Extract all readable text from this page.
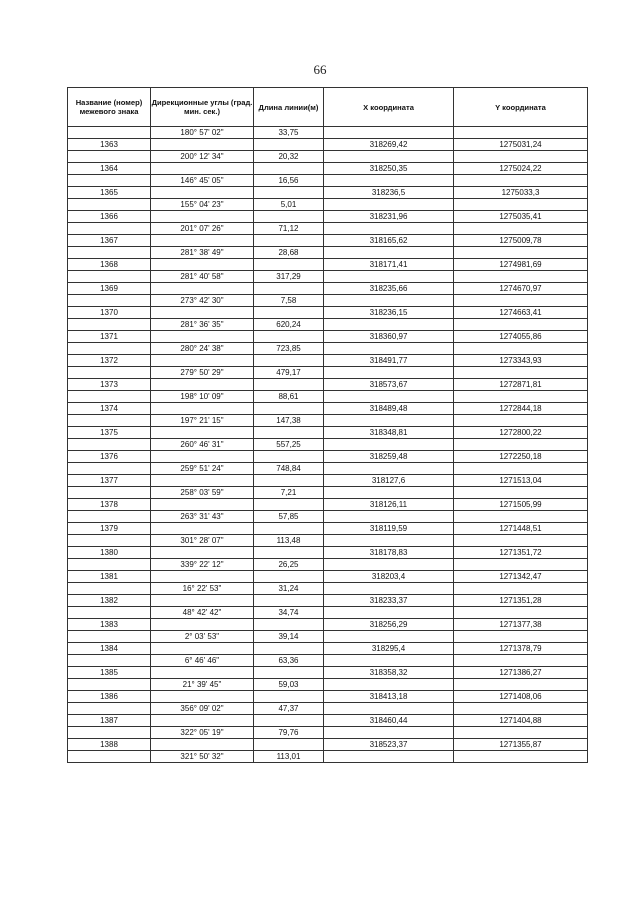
66
Название (номер) межевого знака	Дирекционные углы (град. мин. сек.)	Длина линии(м)	Х координата	Y координата
	180° 57' 02"	33,75		
1363			318269,42	1275031,24
	200° 12' 34"	20,32		
1364			318250,35	1275024,22
	146° 45' 05"	16,56		
1365			318236,5	1275033,3
	155° 04' 23"	5,01		
1366			318231,96	1275035,41
	201° 07' 26"	71,12		
1367			318165,62	1275009,78
	281° 38' 49"	28,68		
1368			318171,41	1274981,69
	281° 40' 58"	317,29		
1369			318235,66	1274670,97
	273° 42' 30"	7,58		
1370			318236,15	1274663,41
	281° 36' 35"	620,24		
1371			318360,97	1274055,86
	280° 24' 38"	723,85		
1372			318491,77	1273343,93
	279° 50' 29"	479,17		
1373			318573,67	1272871,81
	198° 10' 09"	88,61		
1374			318489,48	1272844,18
	197° 21' 15"	147,38		
1375			318348,81	1272800,22
	260° 46' 31"	557,25		
1376			318259,48	1272250,18
	259° 51' 24"	748,84		
1377			318127,6	1271513,04
	258° 03' 59"	7,21		
1378			318126,11	1271505,99
	263° 31' 43"	57,85		
1379			318119,59	1271448,51
	301° 28' 07"	113,48		
1380			318178,83	1271351,72
	339° 22' 12"	26,25		
1381			318203,4	1271342,47
	16° 22' 53"	31,24		
1382			318233,37	1271351,28
	48° 42' 42"	34,74		
1383			318256,29	1271377,38
	2° 03' 53"	39,14		
1384			318295,4	1271378,79
	6° 46' 46"	63,36		
1385			318358,32	1271386,27
	21° 39' 45"	59,03		
1386			318413,18	1271408,06
	356° 09' 02"	47,37		
1387			318460,44	1271404,88
	322° 05' 19"	79,76		
1388			318523,37	1271355,87
	321° 50' 32"	113,01		
